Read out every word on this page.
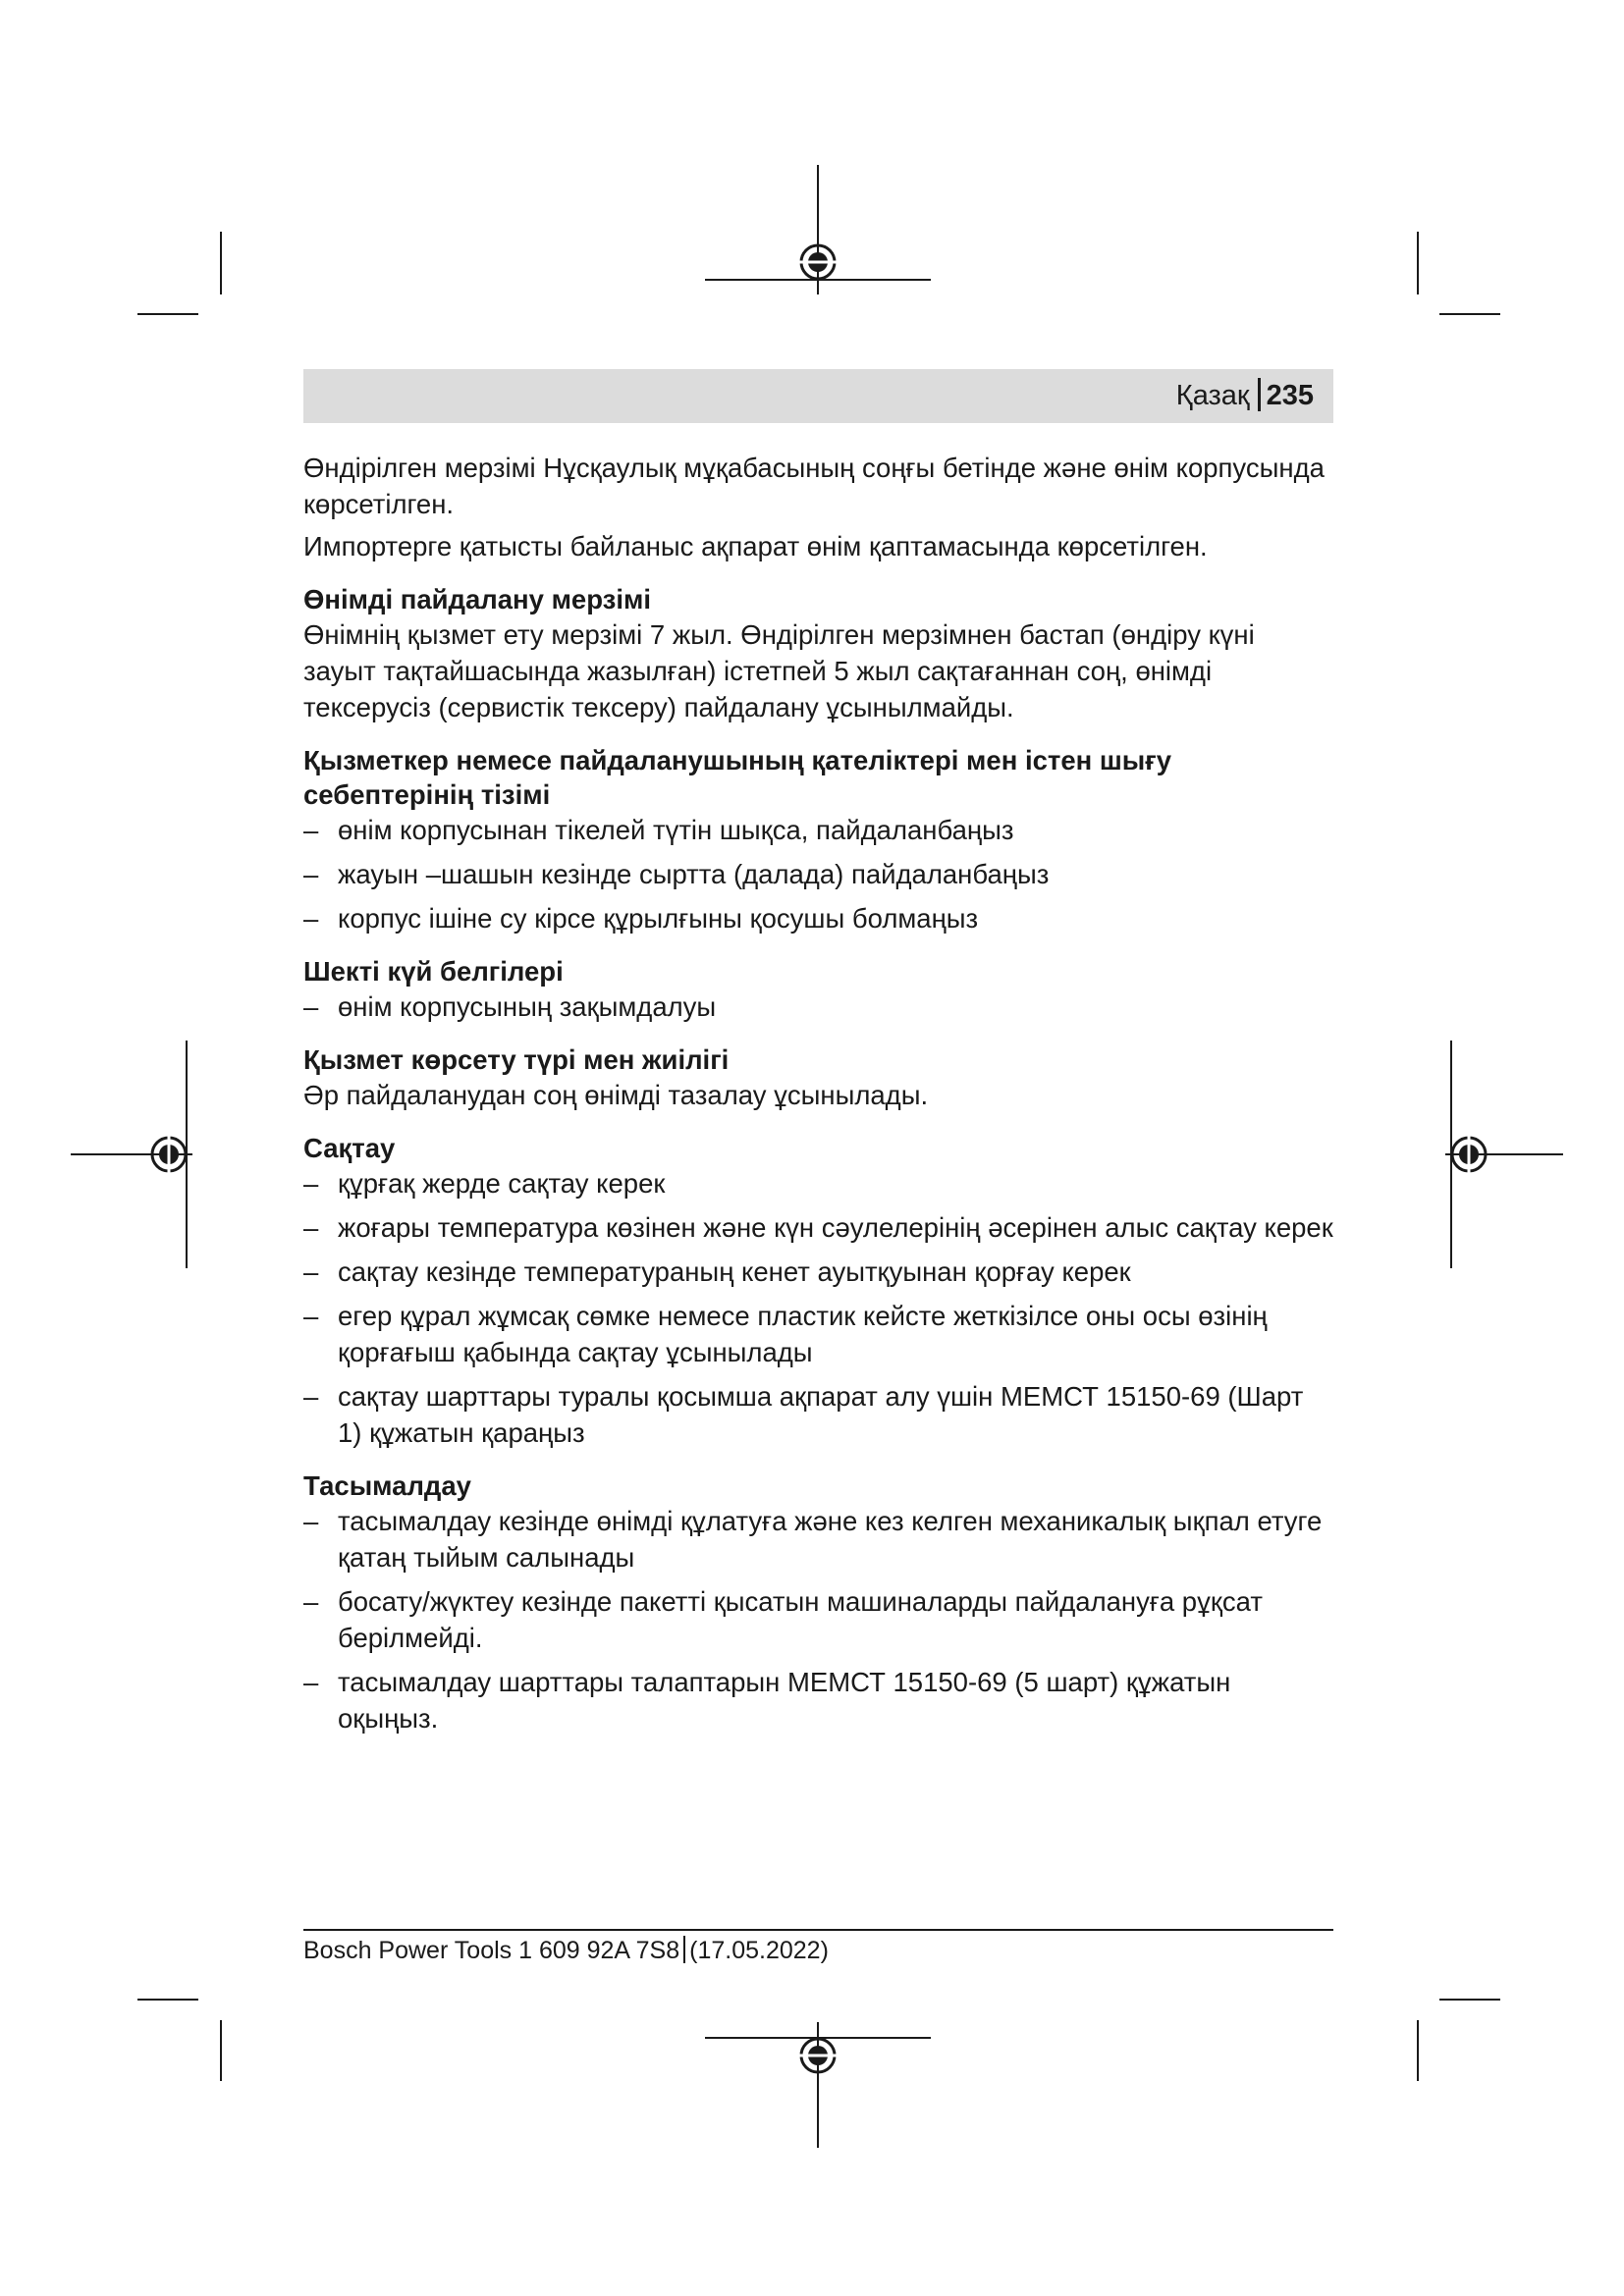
Қазақ 235

Өндірілген мерзімі Нұсқаулық мұқабасының соңғы бетінде және өнім корпусында көрсетілген.

Импортерге қатысты байланыс ақпарат өнім қаптамасында көрсетілген.

Өнімді пайдалану мерзімі

Өнімнің қызмет ету мерзімі 7 жыл. Өндірілген мерзімнен бастап (өндіру күні зауыт тақтайшасында жазылған) істетпей 5 жыл сақтағаннан соң, өнімді тексерусіз (сервистік тексеру) пайдалану ұсынылмайды.

Қызметкер немесе пайдаланушының қателіктері мен істен шығу себептерінің тізімі
– өнім корпусынан тікелей түтін шықса, пайдаланбаңыз
– жауын –шашын кезінде сыртта (далада) пайдаланбаңыз
– корпус ішіне су кірсе құрылғыны қосушы болмаңыз
Шекті күй белгілері
– өнім корпусының зақымдалуы
Қызмет көрсету түрі мен жиілігі

Әр пайдаланудан соң өнімді тазалау ұсынылады.

Сақтау
– құрғақ жерде сақтау керек
– жоғары температура көзінен және күн сәулелерінің әсерінен алыс сақтау керек
– сақтау кезінде температураның кенет ауытқуынан қорғау керек
– егер құрал жұмсақ сөмке немесе пластик кейсте жеткізілсе оны осы өзінің қорғағыш қабында сақтау ұсынылады
– сақтау шарттары туралы қосымша ақпарат алу үшін МЕМСТ 15150-69 (Шарт 1) құжатын қараңыз
Тасымалдау
– тасымалдау кезінде өнімді құлатуға және кез келген механикалық ықпал етуге қатаң тыйым салынады
– босату/жүктеу кезінде пакетті қысатын машиналарды пайдалануға рұқсат берілмейді.
– тасымалдау шарттары талаптарын МЕМСТ 15150-69 (5 шарт) құжатын оқыңыз.
Bosch Power Tools 1 609 92A 7S8 (17.05.2022)
